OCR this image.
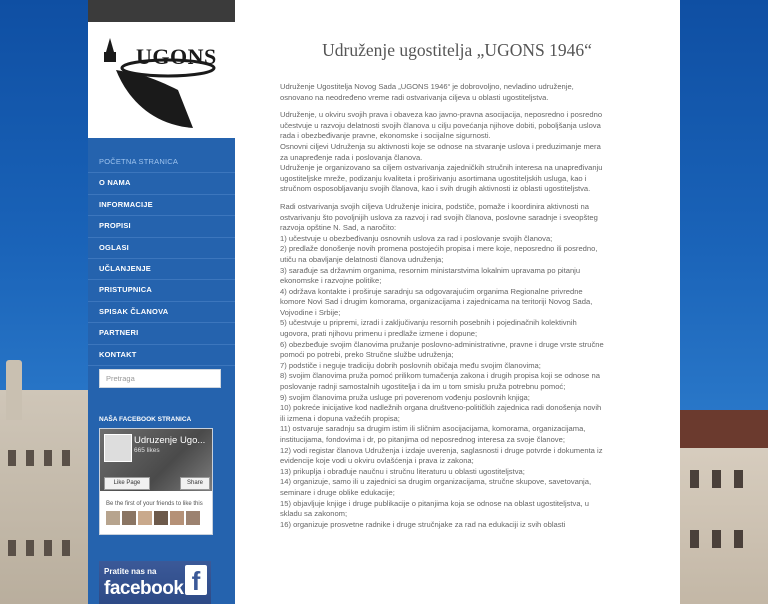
UGONS
POČETNA STRANICA
O NAMA
INFORMACIJE
PROPISI
OGLASI
UČLANJENJE
PRISTUPNICA
SPISAK ČLANOVA
PARTNERI
KONTAKT
Pretraga
NAŠA FACEBOOK STRANICA
Udruzenje Ugo...
665 likes
Like Page	Share
Be the first of your friends to like this
Pratite nas na
facebook f
Udruženje ugostitelja „UGONS 1946“

Udruženje Ugostitelja Novog Sada „UGONS 1946“ je dobrovoljno, nevladino udruženje,
osnovano na neodređeno vreme radi ostvarivanja ciljeva u oblasti ugostiteljstva.

Udruženje, u okviru svojih prava i obaveza kao javno-pravna asocijacija, neposredno i posredno
učestvuje u razvoju delatnosti svojih članova u cilju povećanja njihove dobiti, poboljšanja uslova
rada i obezbeđivanje pravne, ekonomske i socijalne sigurnosti.
Osnovni ciljevi Udruženja su aktivnosti koje se odnose na stvaranje uslova i preduzimanje mera
za unapređenje rada i poslovanja članova.
Udruženje je organizovano sa ciljem ostvarivanja zajedničkih stručnih interesa na unapređivanju
ugostiteljske mreže, podizanju kvaliteta i proširivanju asortimana ugostiteljskih usluga, kao i
stručnom osposobljavanju svojih članova, kao i svih drugih aktivnosti iz oblasti ugostiteljstva.

Radi ostvarivanja svojih ciljeva Udruženje inicira, podstiče, pomaže i koordinira aktivnosti na
ostvarivanju što povoljnijih uslova za razvoj i rad svojih članova, poslovne saradnje i sveopšteg
razvoja opštine N. Sad, a naročito:
1) učestvuje u obezbeđivanju osnovnih uslova za rad i poslovanje svojih članova;
2) predlaže donošenje novih promena postojećih propisa i mere koje, neposredno ili posredno,
utiču na obavljanje delatnosti članova udruženja;
3) sarađuje sa državnim organima, resornim ministarstvima lokalnim upravama po pitanju
ekonomske i razvojne politike;
4) održava kontakte i proširuje saradnju sa odgovarajućim organima Regionalne privredne
komore Novi Sad i drugim komorama, organizacijama i zajednicama na teritoriji Novog Sada,
Vojvodine i Srbije;
5) učestvuje u pripremi, izradi i zaključivanju resornih posebnih i pojedinačnih kolektivnih
ugovora, prati njihovu primenu i predlaže izmene i dopune;
6) obezbeđuje svojim članovima pružanje poslovno-administrativne, pravne i druge vrste stručne
pomoći po potrebi, preko Stručne službe udruženja;
7) podstiče i neguje tradiciju dobrih poslovnih običaja među svojim članovima;
8) svojim članovima pruža pomoć prilikom tumačenja zakona i drugih propisa koji se odnose na
poslovanje radnji samostalnih ugostitelja i da im u tom smislu pruža potrebnu pomoć;
9) svojim članovima pruža usluge pri poverenom vođenju poslovnih knjiga;
10) pokreće inicijative kod nadležnih organa društveno-političkih zajednica radi donošenja novih
ili izmena i dopuna važećih propisa;
11) ostvaruje saradnju sa drugim istim ili sličnim asocijacijama, komorama, organizacijama,
institucijama, fondovima i dr, po pitanjima od neposrednog interesa za svoje članove;
12) vodi registar članova Udruženja i izdaje uverenja, saglasnosti i druge potvrde i dokumenta iz
evidencije koje vodi u okviru ovlašćenja i prava iz zakona;
13) prikuplja i obrađuje naučnu i stručnu literaturu u oblasti ugostiteljstva;
14) organizuje, samo ili u zajednici sa drugim organizacijama, stručne skupove, savetovanja,
seminare i druge oblike edukacije;
15) objavljuje knjige i druge publikacije o pitanjima koja se odnose na oblast ugostiteljstva, u
skladu sa zakonom;
16) organizuje prosvetne radnike i druge stručnjake za rad na edukaciji iz svih oblasti
